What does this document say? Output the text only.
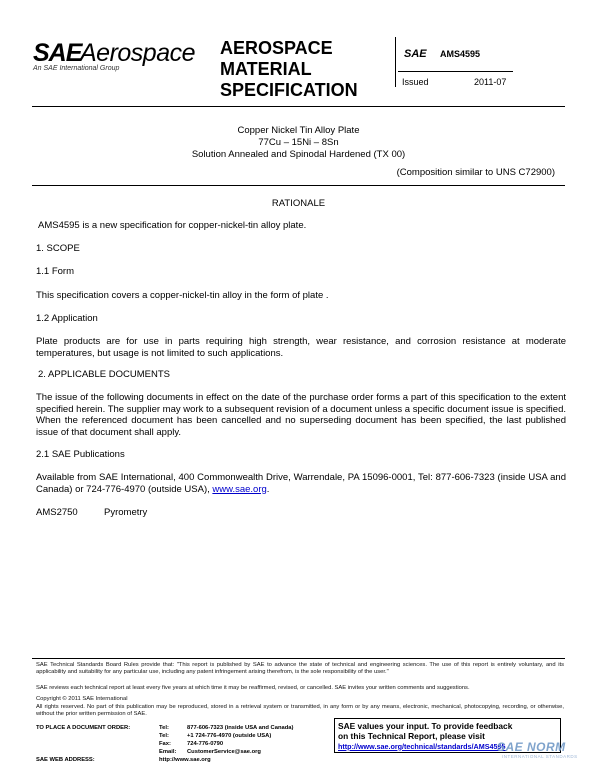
SAE
Aerospace
An SAE International Group
AEROSPACE
MATERIAL
SPECIFICATION
SAE AMS4595
Issued	2011-07
Copper Nickel Tin Alloy Plate
77Cu – 15Ni – 8Sn
Solution Annealed and Spinodal Hardened (TX 00)
(Composition similar to UNS C72900)
RATIONALE
AMS4595 is a new specification for copper-nickel-tin alloy plate.
1. SCOPE
1.1 Form
This specification covers a copper-nickel-tin alloy in the form of plate .
1.2 Application
Plate products are for use in parts requiring high strength, wear resistance, and corrosion resistance at moderate temperatures, but usage is not limited to such applications.
2. APPLICABLE DOCUMENTS
The issue of the following documents in effect on the date of the purchase order forms a part of this specification to the extent specified herein. The supplier may work to a subsequent revision of a document unless a specific document issue is specified. When the referenced document has been cancelled and no superseding document has been specified, the last published issue of that document shall apply.
2.1 SAE Publications
Available from SAE International, 400 Commonwealth Drive, Warrendale, PA 15096-0001, Tel: 877-606-7323 (inside USA and Canada) or 724-776-4970 (outside USA), www.sae.org.
AMS2750	Pyrometry
SAE Technical Standards Board Rules provide that: "This report is published by SAE to advance the state of technical and engineering sciences. The use of this report is entirely voluntary, and its applicability and suitability for any particular use, including any patent infringement arising therefrom, is the sole responsibility of the user."
SAE reviews each technical report at least every five years at which time it may be reaffirmed, revised, or cancelled. SAE invites your written comments and suggestions.
Copyright © 2011 SAE International
All rights reserved. No part of this publication may be reproduced, stored in a retrieval system or transmitted, in any form or by any means, electronic, mechanical, photocopying, recording, or otherwise, without the prior written permission of SAE.
TO PLACE A DOCUMENT ORDER:	Tel:	877-606-7323 (inside USA and Canada)
Tel:	+1 724-776-4970 (outside USA)
Fax:	724-776-0790
Email: CustomerService@sae.org
SAE WEB ADDRESS:	http://www.sae.org
SAE values your input. To provide feedback
on this Technical Report, please visit
http://www.sae.org/technical/standards/AMS4595
SAE NORM
INTERNATIONAL STANDARDS
